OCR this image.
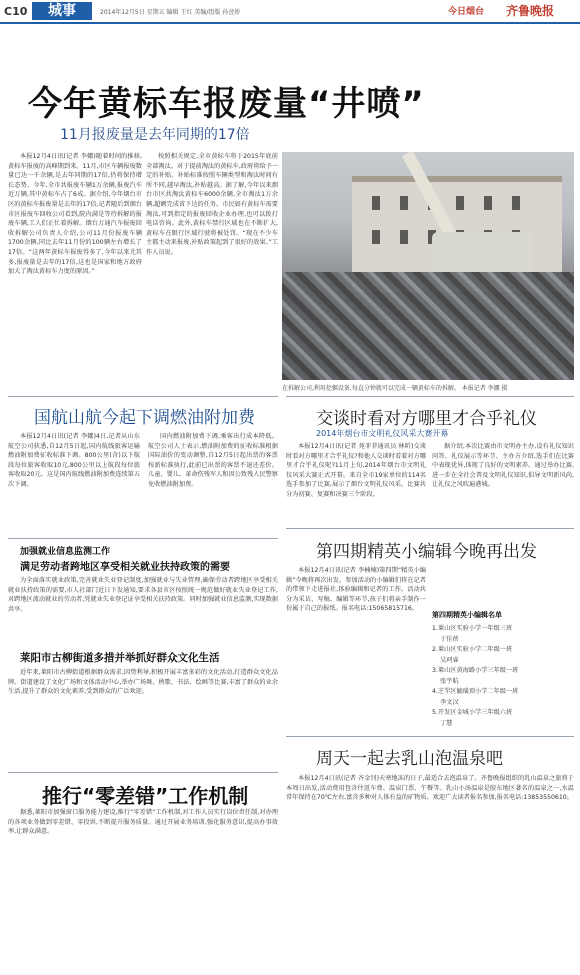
C10	城事	2014年12月5日 星期五 编辑 王红 美编/组版 孙萱娇	今日烟台 齐鲁晚报
今年黄标车报废量“井喷”
11月报废量是去年同期的17倍
本报12月4日讯(记者 李娜)随着时间的推移,黄标车报废的高峰期到来。11月,市区车辆报废数量已达一千余辆,是去年同期的17倍,仍将保持增长态势。今年,全市共报废车辆1万余辆,报废汽车近万辆,其中黄标车占了6成。据介绍,今年烟台市区的黄标车报废量是去年的17倍,记者随后到烟台市区报废车回收公司看到,院内满是等待拆解的报废车辆,工人们正忙着拆解。烟台万通汽车报废回收拆解公司负责人介绍,公司11月份报废车辆1700余辆,同比去年11月份的100辆左右增长了17倍。“这两年黄标车报废得多了,今年以来尤其多,报废量是去年的17倍,这也是国家和地方政府加大了淘汰黄标车力度的原因。”
按照相关规定,全市黄标车将于2015年底前全部淘汰。对于提前淘汰的黄标车,政府将给予一定的补贴。补贴标准按照车辆类型和淘汰时间有所不同,越早淘汰,补贴越高。据了解,今年以来烟台市区共淘汰黄标车6000余辆,全市淘汰1万余辆,超额完成省下达的任务。市民如有黄标车需要淘汰,可到指定的报废回收企业办理,也可以拨打电话咨询。此外,黄标车禁行区域也在不断扩大,黄标车在限行区域行驶将被处罚。“现在不少车主都主动来报废,补贴政策起到了很好的效果。”工作人员说。
在拆解公司,利用挖掘设备,每直分钟就可以完成一辆黄标车的拆解。 本报记者 李娜 摄
国航山航今起下调燃油附加费
本报12月4日讯(记者 李娜)4日,记者从山东航空公司获悉,自12月5日起,国内航线旅客运输燃油附加费征收标准下调。800公里(含)以下航段每位旅客收取10元,800公里以上航段每位旅客收取20元。这是国内航线燃油附加费连续第五次下调。
国内燃油附加费下调,乘客出行成本降低。航空公司人士表示,燃油附加费的征收标准根据国际油价的变动调整,自12月5日起出票的客票按新标准执行,此前已出票的客票不退还差价。儿童、婴儿、革命伤残军人和因公致残人民警察免收燃油附加费。
加强就业信息监测工作
满足劳动者跨地区享受相关就业扶持政策的需要
为全面落实就业政策,完善就业失业登记制度,加强就业与失业管理,确保劳动者跨地区享受相关就业扶持政策的需要,市人社部门近日下发通知,要求各县市区按照统一规范做好就业失业登记工作,对跨地区流动就业的劳动者,凭就业失业登记证享受相关扶持政策。同时加强就业信息监测,实现数据共享。
莱阳市古柳街道多措并举抓好群众文化生活
近年来,莱阳市古柳街道根据群众需求,因势利导,积极开展丰富多彩的文化活动,打造群众文化品牌。街道建设了文化广场和文体活动中心,举办广场舞、秧歌、书法、绘画等比赛,丰富了群众的业余生活,提升了群众的文化素养,受到群众的广泛欢迎。
推行“零差错”工作机制
据悉,莱阳市加强窗口服务能力建设,推行“零差错”工作机制,对工作人员实行岗位责任制,对办理的各项业务做到零差错、零投诉,不断提升服务质量。通过开展业务培训,强化服务意识,提高办事效率,让群众满意。
交谈时看对方哪里才合乎礼仪
2014年烟台市文明礼仪风采大赛开幕
本报12月4日讯(记者 苑菲菲通讯员 林昕)交谈时看对方哪里才合乎礼仪?和他人交谈时看着对方哪里才合乎礼仪呢?11月上旬,2014年烟台市文明礼仪风采大赛正式开幕。来自全市19家单位的114名选手参加了比赛,展示了烟台文明礼仪风采。比赛共分为初赛、复赛和决赛三个阶段。
据介绍,本次比赛由市文明办主办,设有礼仪知识问答、礼仪展示等环节。主办方介绍,选手们在比赛中表现优异,体现了良好的文明素养。通过举办比赛,进一步在全社会普及文明礼仪知识,倡导文明新风尚,让礼仪之风吹遍港城。
第四期精英小编辑今晚再出发
本报12月4日讯(记者 李楠楠)第四期“精英小编辑”今晚将再次出发。参加活动的小编辑们将在记者的带领下走进报社,体验编辑和记者的工作。活动共分为采访、写稿、编辑等环节,孩子们将亲手制作一份属于自己的报纸。报名电话:15065815716。
第四期精英小编辑名单
1.莱山区实验小学一年级三班
于佳蓓
2.莱山区实验小学二年级一班
吴珂睿
3.莱山区黄海路小学三年级一班
张宇航
4.芝罘区毓璜顶小学二年级一班
李文汉
5.开发区金城小学三年级六班
丁慧
周天一起去乳山泡温泉吧
本报12月4日讯(记者 齐金钊)天寒地冻的日子,最适合去泡温泉了。齐鲁晚报组织的乳山温泉之旅将于本周日出发,活动费用包含往返车费、温泉门票、午餐等。乳山小汤温泉是胶东地区著名的温泉之一,水温常年保持在70℃左右,富含多种对人体有益的矿物质。欢迎广大读者报名参加,报名电话:13853550610。
